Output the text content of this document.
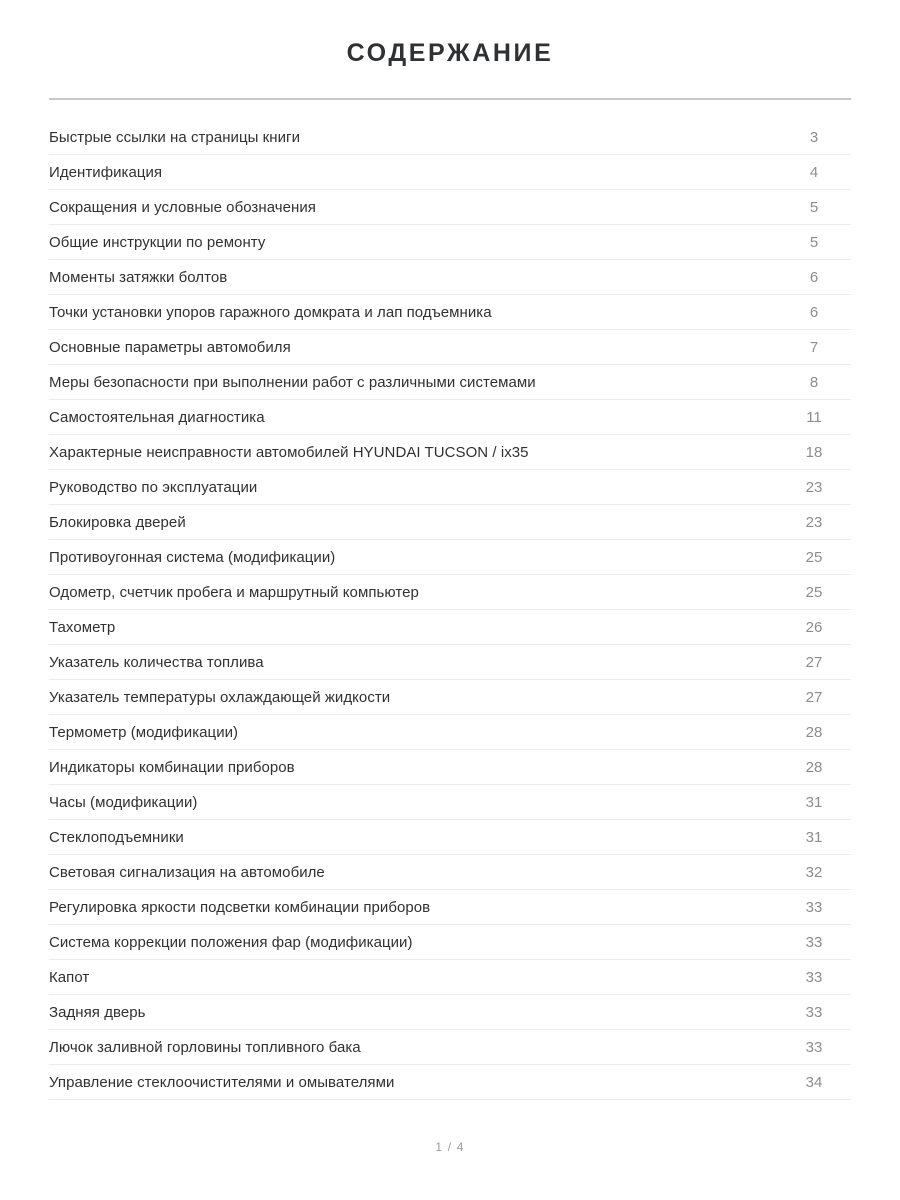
СОДЕРЖАНИЕ
Быстрые ссылки на страницы книги	3
Идентификация	4
Сокращения и условные обозначения	5
Общие инструкции по ремонту	5
Моменты затяжки болтов	6
Точки установки упоров гаражного домкрата и лап подъемника	6
Основные параметры автомобиля	7
Меры безопасности при выполнении работ с различными системами	8
Самостоятельная диагностика	11
Характерные неисправности автомобилей HYUNDAI TUCSON / ix35	18
Руководство по эксплуатации	23
Блокировка дверей	23
Противоугонная система (модификации)	25
Одометр, счетчик пробега и маршрутный компьютер	25
Тахометр	26
Указатель количества топлива	27
Указатель температуры охлаждающей жидкости	27
Термометр (модификации)	28
Индикаторы комбинации приборов	28
Часы (модификации)	31
Стеклоподъемники	31
Световая сигнализация на автомобиле	32
Регулировка яркости подсветки комбинации приборов	33
Система коррекции положения фар (модификации)	33
Капот	33
Задняя дверь	33
Лючок заливной горловины топливного бака	33
Управление стеклоочистителями и омывателями	34
1 / 4
